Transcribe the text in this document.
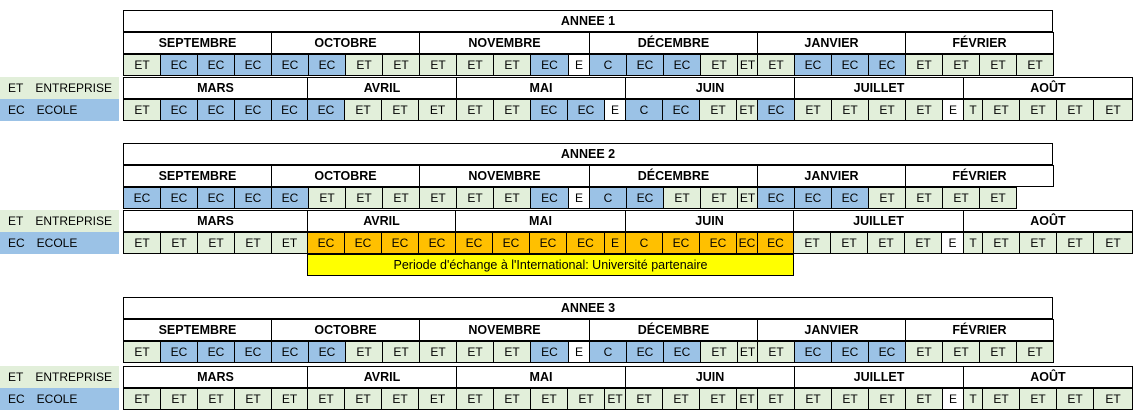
ANNEE 1
SEPTEMBRE	OCTOBRE	NOVEMBRE	DÉCEMBRE	JANVIER	FÉVRIER
ET	EC	EC	EC	EC	EC	ET	ET	ET	ET	ET	EC	E	C	EC	EC	ET	ET	ET	EC	EC	EC	ET	ET	ET	ET
MARS	AVRIL	MAI	JUIN	JUILLET	AOÛT
ET	EC	EC	EC	EC	EC	ET	ET	ET	ET	ET	EC	EC	E	C	EC	ET	ET	EC	ET	ET	ET	ET	E	T	ET	ET	ET	ET
ET ENTREPRISE
EC ECOLE
ANNEE 2
SEPTEMBRE	OCTOBRE	NOVEMBRE	DÉCEMBRE	JANVIER	FÉVRIER
EC	EC	EC	EC	EC	ET	ET	ET	ET	ET	ET	EC	E	C	EC	ET	ET	ET	EC	EC	EC	ET	ET	ET	ET
MARS	AVRIL	MAI	JUIN	JUILLET	AOÛT
ET	ET	ET	ET	ET	EC	EC	EC	EC	EC	EC	EC	EC	E	C	EC	EC	EC EC	ET	ET	ET	ET	E	T	ET	ET	ET	ET
ET ENTREPRISE
EC ECOLE
Periode d'échange à l'International: Université partenaire
ANNEE 3
SEPTEMBRE	OCTOBRE	NOVEMBRE	DÉCEMBRE	JANVIER	FÉVRIER
ET	EC	EC	EC	EC	EC	ET	ET	ET	ET	ET	EC	E	C	EC	EC	ET	ET	ET	EC	EC	EC	ET	ET	ET	ET
MARS	AVRIL	MAI	JUIN	JUILLET	AOÛT
ET	ET	ET	ET	ET	ET	ET	ET	ET	ET	ET	ET	ET	ET	ET	ET	ET	ET	ET	ET	ET	ET	ET	E	T	ET	ET	ET	ET
ET ENTREPRISE
EC ECOLE
